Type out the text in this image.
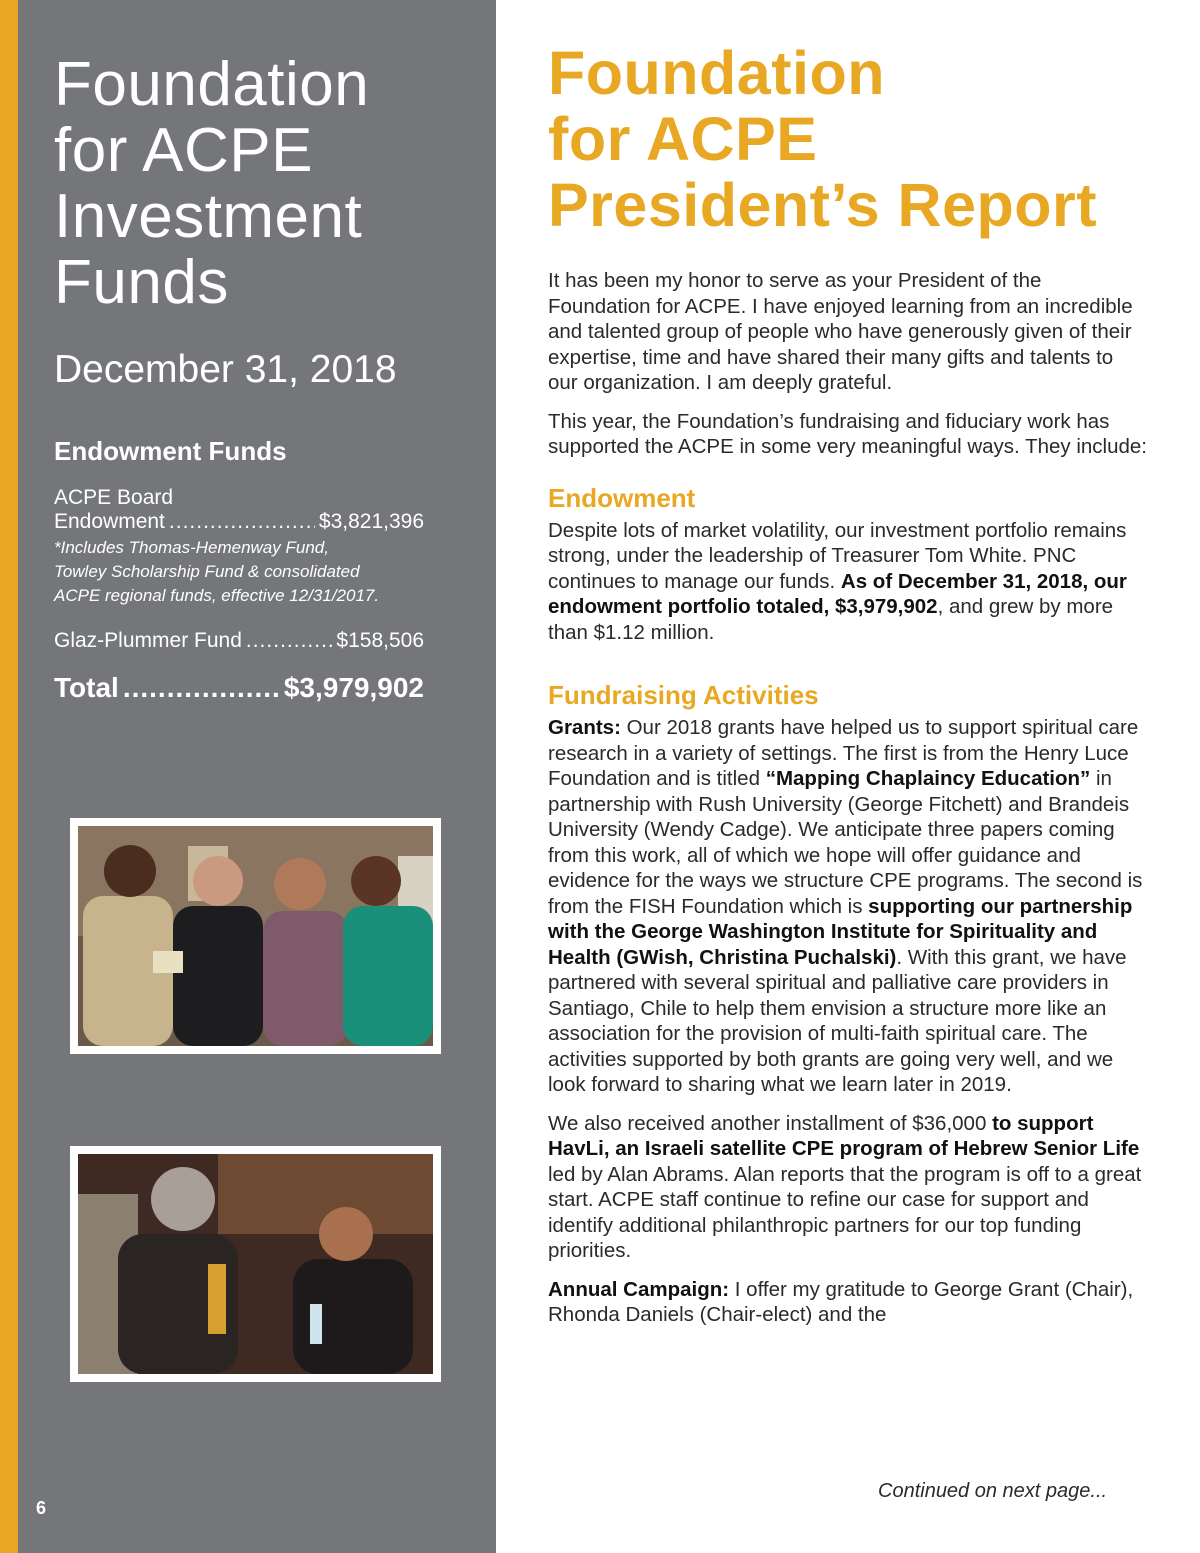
Foundation
for ACPE
Investment
Funds
December 31, 2018
Endowment Funds
ACPE Board
Endowment .....	$3,821,396
*Includes Thomas-Hemenway Fund,
Towley Scholarship Fund & consolidated
ACPE regional funds, effective 12/31/2017.
Glaz-Plummer Fund .....	$158,506
Total .....	$3,979,902
6
Foundation
for ACPE
President’s Report

It has been my honor to serve as your President of the Foundation for ACPE. I have enjoyed learning from an incredible and talented group of people who have generously given of their expertise, time and have shared their many gifts and talents to our organization. I am deeply grateful.

This year, the Foundation’s fundraising and fiduciary work has supported the ACPE in some very meaningful ways. They include:

Endowment

Despite lots of market volatility, our investment portfolio remains strong, under the leadership of Treasurer Tom White. PNC continues to manage our funds. As of December 31, 2018, our endowment portfolio totaled, $3,979,902, and grew by more than $1.12 million.

Fundraising Activities

Grants: Our 2018 grants have helped us to support spiritual care research in a variety of settings. The first is from the Henry Luce Foundation and is titled “Mapping Chaplaincy Education” in partnership with Rush University (George Fitchett) and Brandeis University (Wendy Cadge). We anticipate three papers coming from this work, all of which we hope will offer guidance and evidence for the ways we structure CPE programs. The second is from the FISH Foundation which is supporting our partnership with the George Washington Institute for Spirituality and Health (GWish, Christina Puchalski). With this grant, we have partnered with several spiritual and palliative care providers in Santiago, Chile to help them envision a structure more like an association for the provision of multi-faith spiritual care. The activities supported by both grants are going very well, and we look forward to sharing what we learn later in 2019.

We also received another installment of $36,000 to support HavLi, an Israeli satellite CPE program of Hebrew Senior Life led by Alan Abrams. Alan reports that the program is off to a great start. ACPE staff continue to refine our case for support and identify additional philanthropic partners for our top funding priorities.

Annual Campaign: I offer my gratitude to George Grant (Chair), Rhonda Daniels (Chair-elect) and the

Continued on next page...
